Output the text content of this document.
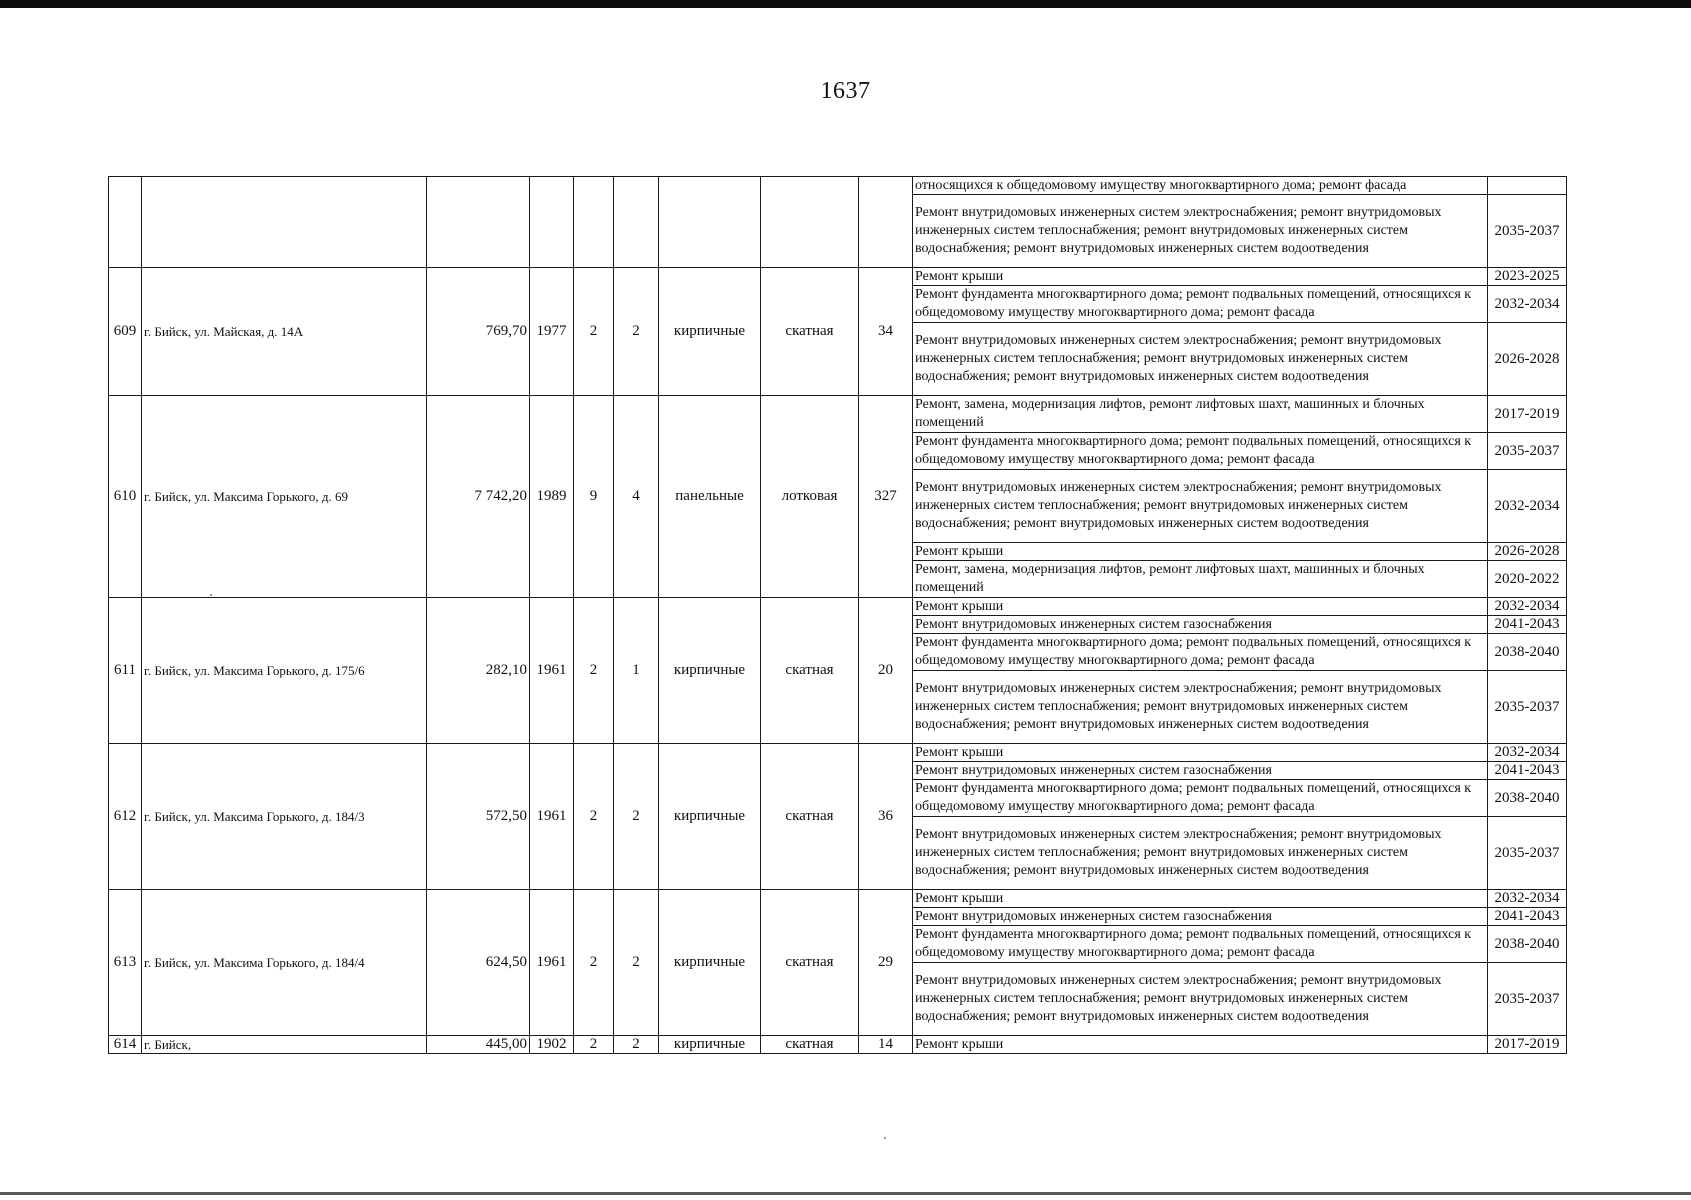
1637
									относящихся к общедомовому имуществу многоквартирного дома; ремонт фасада	
									Ремонт внутридомовых инженерных систем электроснабжения; ремонт внутридомовых инженерных систем теплоснабжения; ремонт внутридомовых инженерных систем водоснабжения; ремонт внутридомовых инженерных систем водоотведения	2035-2037
609	г. Бийск, ул. Майская, д. 14А	769,70	1977	2	2	кирпичные	скатная	34	Ремонт крыши	2023-2025
									Ремонт фундамента многоквартирного дома; ремонт подвальных помещений, относящихся к общедомовому имуществу многоквартирного дома; ремонт фасада	2032-2034
									Ремонт внутридомовых инженерных систем электроснабжения; ремонт внутридомовых инженерных систем теплоснабжения; ремонт внутридомовых инженерных систем водоснабжения; ремонт внутридомовых инженерных систем водоотведения	2026-2028
610	г. Бийск, ул. Максима Горького, д. 69	7 742,20	1989	9	4	панельные	лотковая	327	Ремонт, замена, модернизация лифтов, ремонт лифтовых шахт, машинных и блочных помещений	2017-2019
									Ремонт фундамента многоквартирного дома; ремонт подвальных помещений, относящихся к общедомовому имуществу многоквартирного дома; ремонт фасада	2035-2037
									Ремонт внутридомовых инженерных систем электроснабжения; ремонт внутридомовых инженерных систем теплоснабжения; ремонт внутридомовых инженерных систем водоснабжения; ремонт внутридомовых инженерных систем водоотведения	2032-2034
									Ремонт крыши	2026-2028
									Ремонт, замена, модернизация лифтов, ремонт лифтовых шахт, машинных и блочных помещений	2020-2022
611	г. Бийск, ул. Максима Горького, д. 175/6	282,10	1961	2	1	кирпичные	скатная	20	Ремонт крыши	2032-2034
									Ремонт внутридомовых инженерных систем газоснабжения	2041-2043
									Ремонт фундамента многоквартирного дома; ремонт подвальных помещений, относящихся к общедомовому имуществу многоквартирного дома; ремонт фасада	2038-2040
									Ремонт внутридомовых инженерных систем электроснабжения; ремонт внутридомовых инженерных систем теплоснабжения; ремонт внутридомовых инженерных систем водоснабжения; ремонт внутридомовых инженерных систем водоотведения	2035-2037
612	г. Бийск, ул. Максима Горького, д. 184/3	572,50	1961	2	2	кирпичные	скатная	36	Ремонт крыши	2032-2034
									Ремонт внутридомовых инженерных систем газоснабжения	2041-2043
									Ремонт фундамента многоквартирного дома; ремонт подвальных помещений, относящихся к общедомовому имуществу многоквартирного дома; ремонт фасада	2038-2040
									Ремонт внутридомовых инженерных систем электроснабжения; ремонт внутридомовых инженерных систем теплоснабжения; ремонт внутридомовых инженерных систем водоснабжения; ремонт внутридомовых инженерных систем водоотведения	2035-2037
613	г. Бийск, ул. Максима Горького, д. 184/4	624,50	1961	2	2	кирпичные	скатная	29	Ремонт крыши	2032-2034
									Ремонт внутридомовых инженерных систем газоснабжения	2041-2043
									Ремонт фундамента многоквартирного дома; ремонт подвальных помещений, относящихся к общедомовому имуществу многоквартирного дома; ремонт фасада	2038-2040
									Ремонт внутридомовых инженерных систем электроснабжения; ремонт внутридомовых инженерных систем теплоснабжения; ремонт внутридомовых инженерных систем водоснабжения; ремонт внутридомовых инженерных систем водоотведения	2035-2037
614	г. Бийск,	445,00	1902	2	2	кирпичные	скатная	14	Ремонт крыши	2017-2019
